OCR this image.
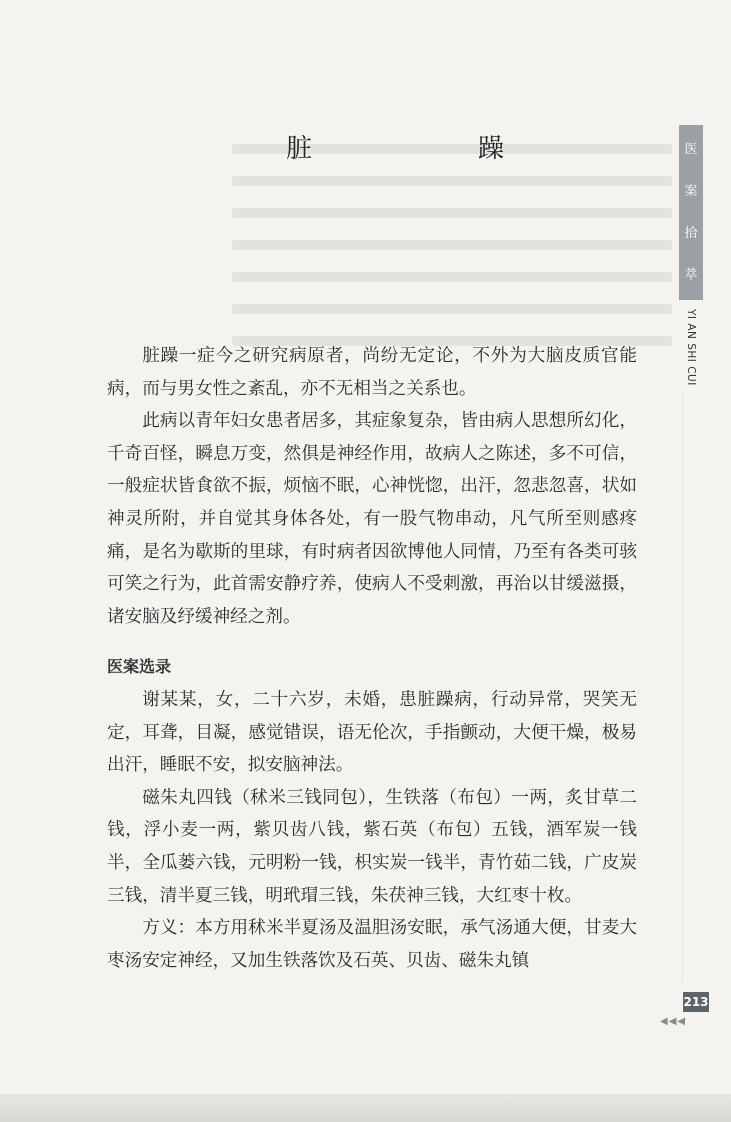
脏　躁

脏躁一症今之研究病原者，尚纷无定论，不外为大脑皮质官能病，而与男女性之紊乱，亦不无相当之关系也。

此病以青年妇女患者居多，其症象复杂，皆由病人思想所幻化，千奇百怪，瞬息万变，然俱是神经作用，故病人之陈述，多不可信，一般症状皆食欲不振，烦恼不眠，心神恍惚，出汗，忽悲忽喜，状如神灵所附，并自觉其身体各处，有一股气物串动，凡气所至则感疼痛，是名为歇斯的里球，有时病者因欲博他人同情，乃至有各类可骇可笑之行为，此首需安静疗养，使病人不受刺激，再治以甘缓滋摄，诸安脑及纾缓神经之剂。

医案选录

谢某某，女，二十六岁，未婚，患脏躁病，行动异常，哭笑无定，耳聋，目凝，感觉错误，语无伦次，手指颤动，大便干燥，极易出汗，睡眠不安，拟安脑神法。

磁朱丸四钱（秫米三钱同包），生铁落（布包）一两，炙甘草二钱，浮小麦一两，紫贝齿八钱，紫石英（布包）五钱，酒军炭一钱半，全瓜蒌六钱，元明粉一钱，枳实炭一钱半，青竹茹二钱，广皮炭三钱，清半夏三钱，明玳瑁三钱，朱茯神三钱，大红枣十枚。

方义：本方用秫米半夏汤及温胆汤安眠，承气汤通大便，甘麦大枣汤安定神经，又加生铁落饮及石英、贝齿、磁朱丸镇

医
案
拾
萃
YI AN SHI CUI
213
◀◀◀
